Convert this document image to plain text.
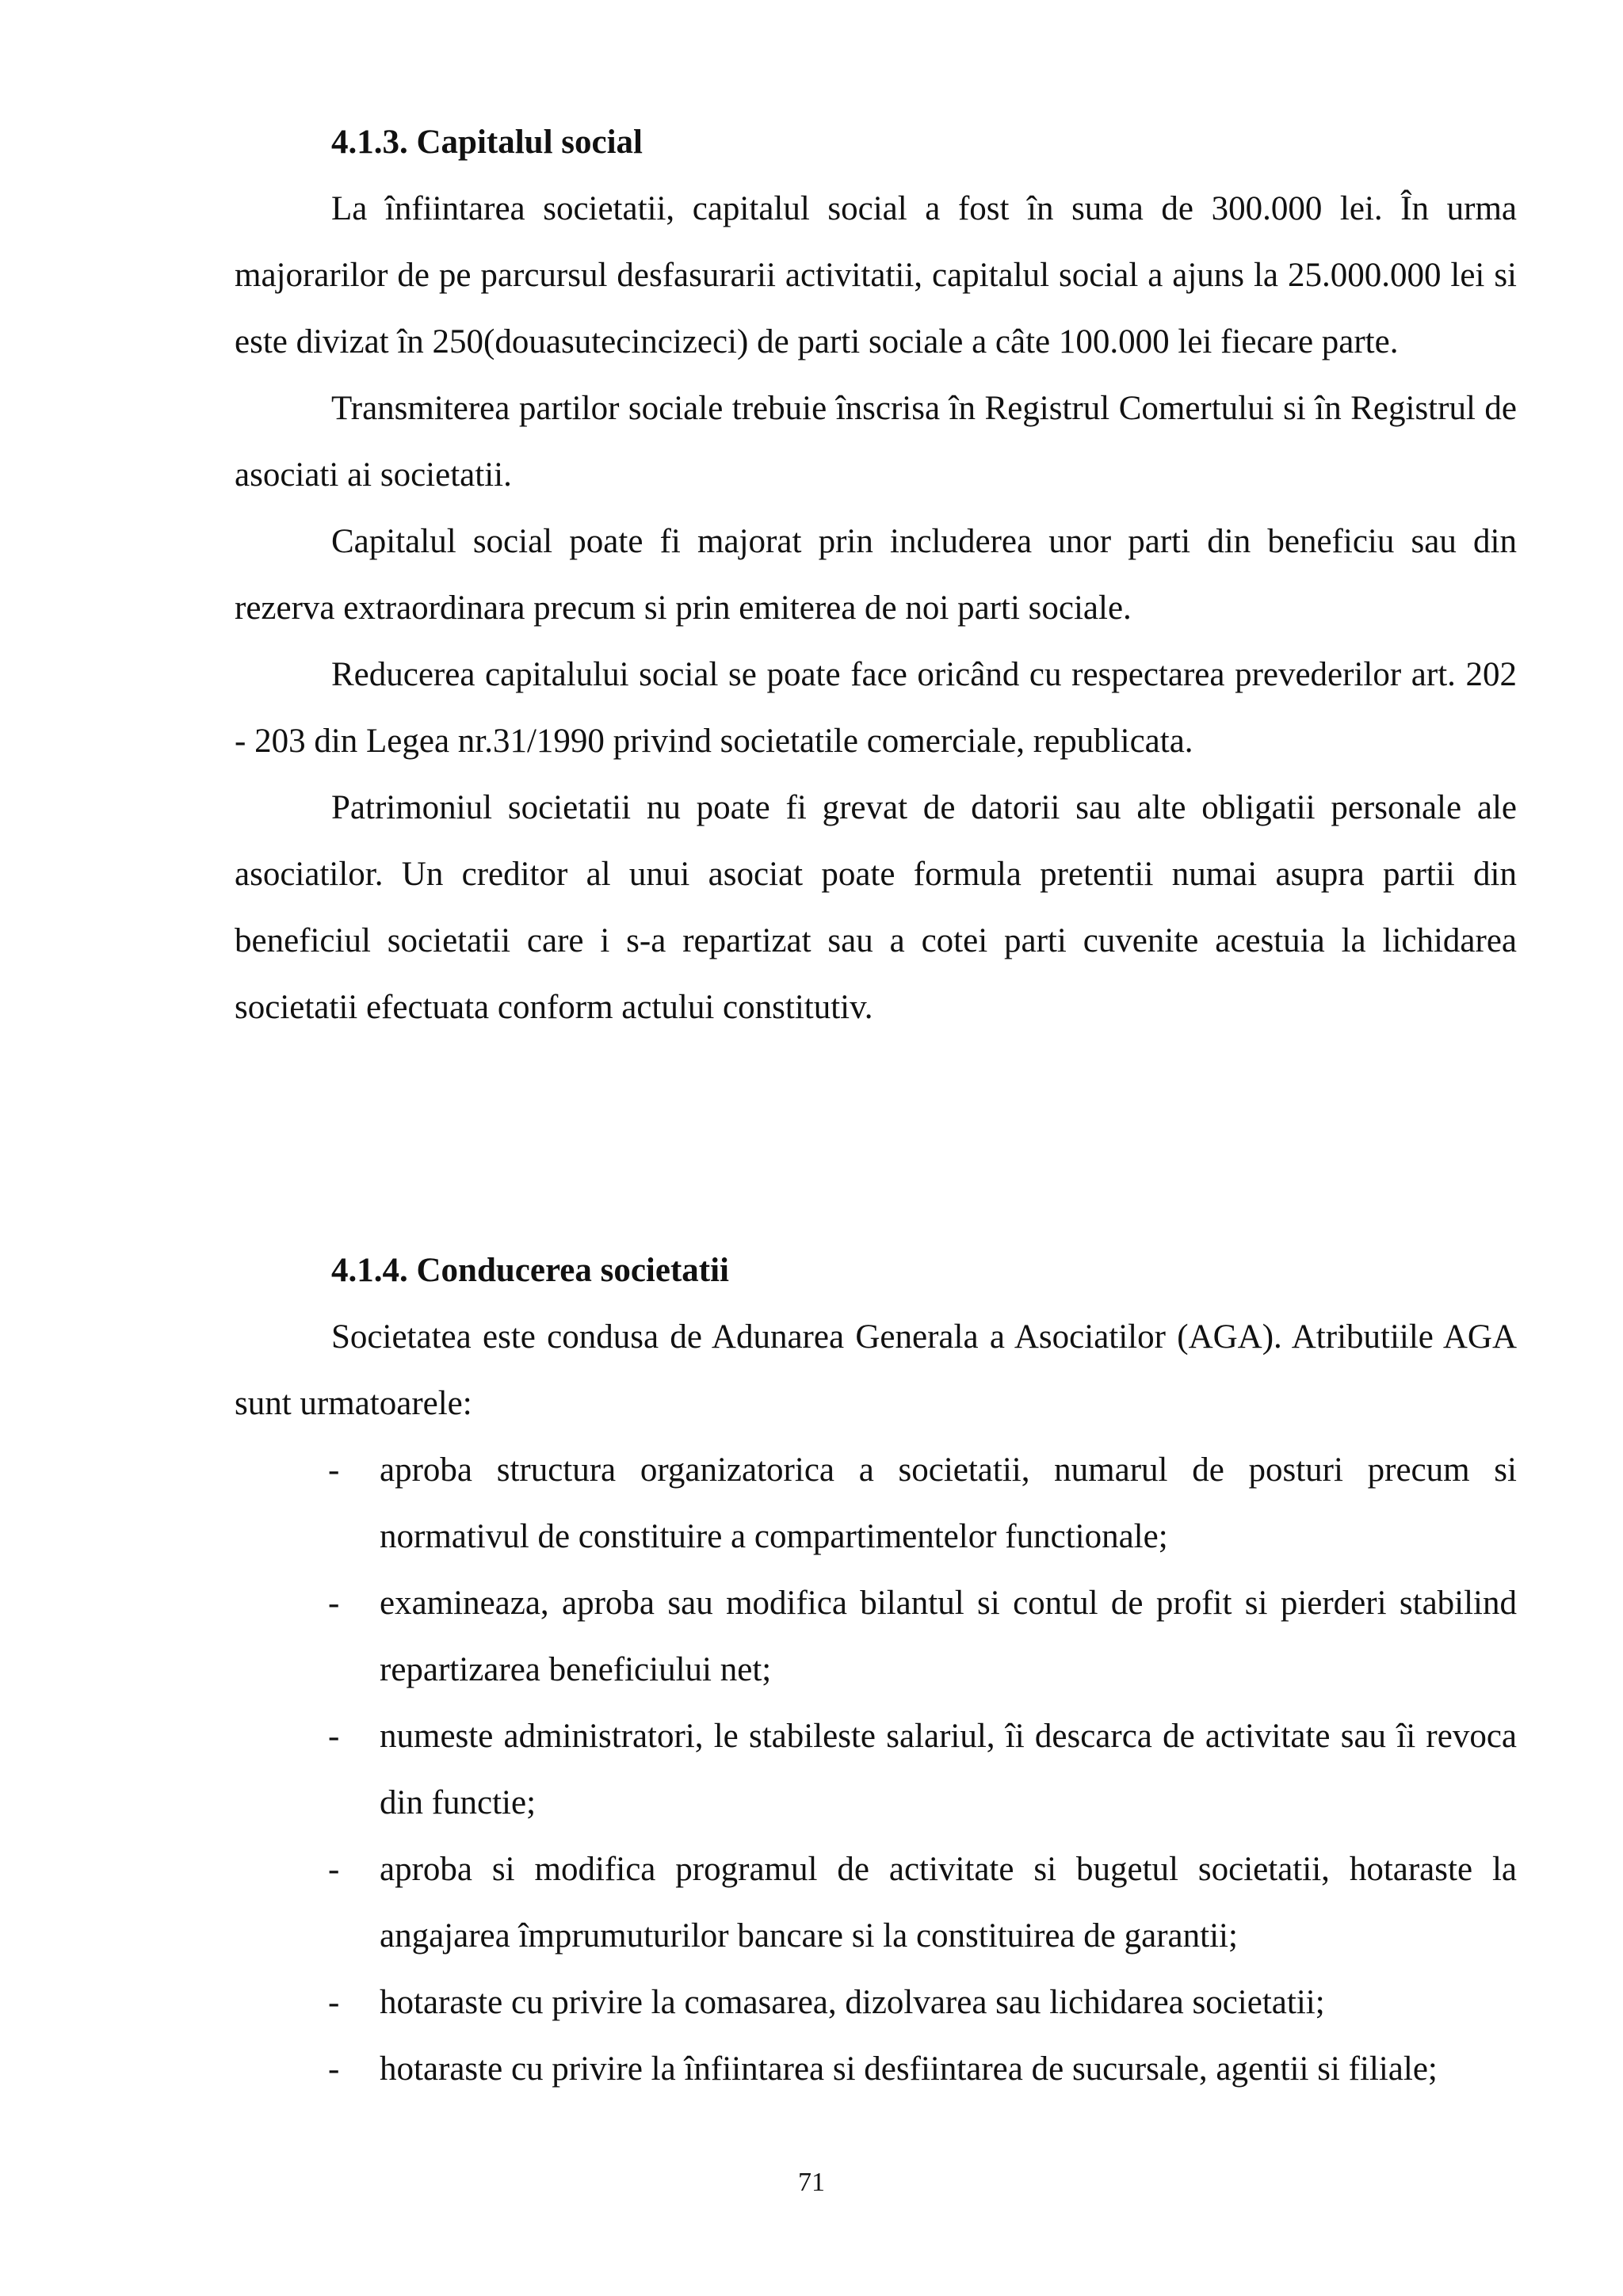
4.1.3. Capitalul social

La înfiintarea societatii, capitalul social a fost în suma de 300.000 lei. În urma majorarilor de pe parcursul desfasurarii activitatii, capitalul social a ajuns la 25.000.000 lei si este divizat în 250(douasutecincizeci) de parti sociale a câte 100.000 lei fiecare parte.

Transmiterea partilor sociale trebuie înscrisa în Registrul Comertului si în Registrul de asociati ai societatii.

Capitalul social poate fi majorat prin includerea unor parti din beneficiu sau din rezerva extraordinara precum si prin emiterea de noi parti sociale.

Reducerea capitalului social se poate face oricând cu respectarea prevederilor art. 202 - 203 din Legea nr.31/1990 privind societatile comerciale, republicata.

Patrimoniul societatii nu poate fi grevat de datorii sau alte obligatii personale ale asociatilor. Un creditor al unui asociat poate formula pretentii numai asupra partii din beneficiul societatii care i s-a repartizat sau a cotei parti cuvenite acestuia la lichidarea societatii efectuata conform actului constitutiv.

4.1.4. Conducerea societatii

Societatea este condusa de Adunarea Generala a Asociatilor (AGA). Atributiile AGA sunt urmatoarele:

- aproba structura organizatorica a societatii, numarul de posturi precum si normativul de constituire a compartimentelor functionale;
- examineaza, aproba sau modifica bilantul si contul de profit si pierderi stabilind repartizarea beneficiului net;
- numeste administratori, le stabileste salariul, îi descarca de activitate sau îi revoca din functie;
- aproba si modifica programul de activitate si bugetul societatii, hotaraste la angajarea împrumuturilor bancare si la constituirea de garantii;
- hotaraste cu privire la comasarea, dizolvarea sau lichidarea societatii;
- hotaraste cu privire la înfiintarea si desfiintarea de sucursale, agentii si filiale;
71
